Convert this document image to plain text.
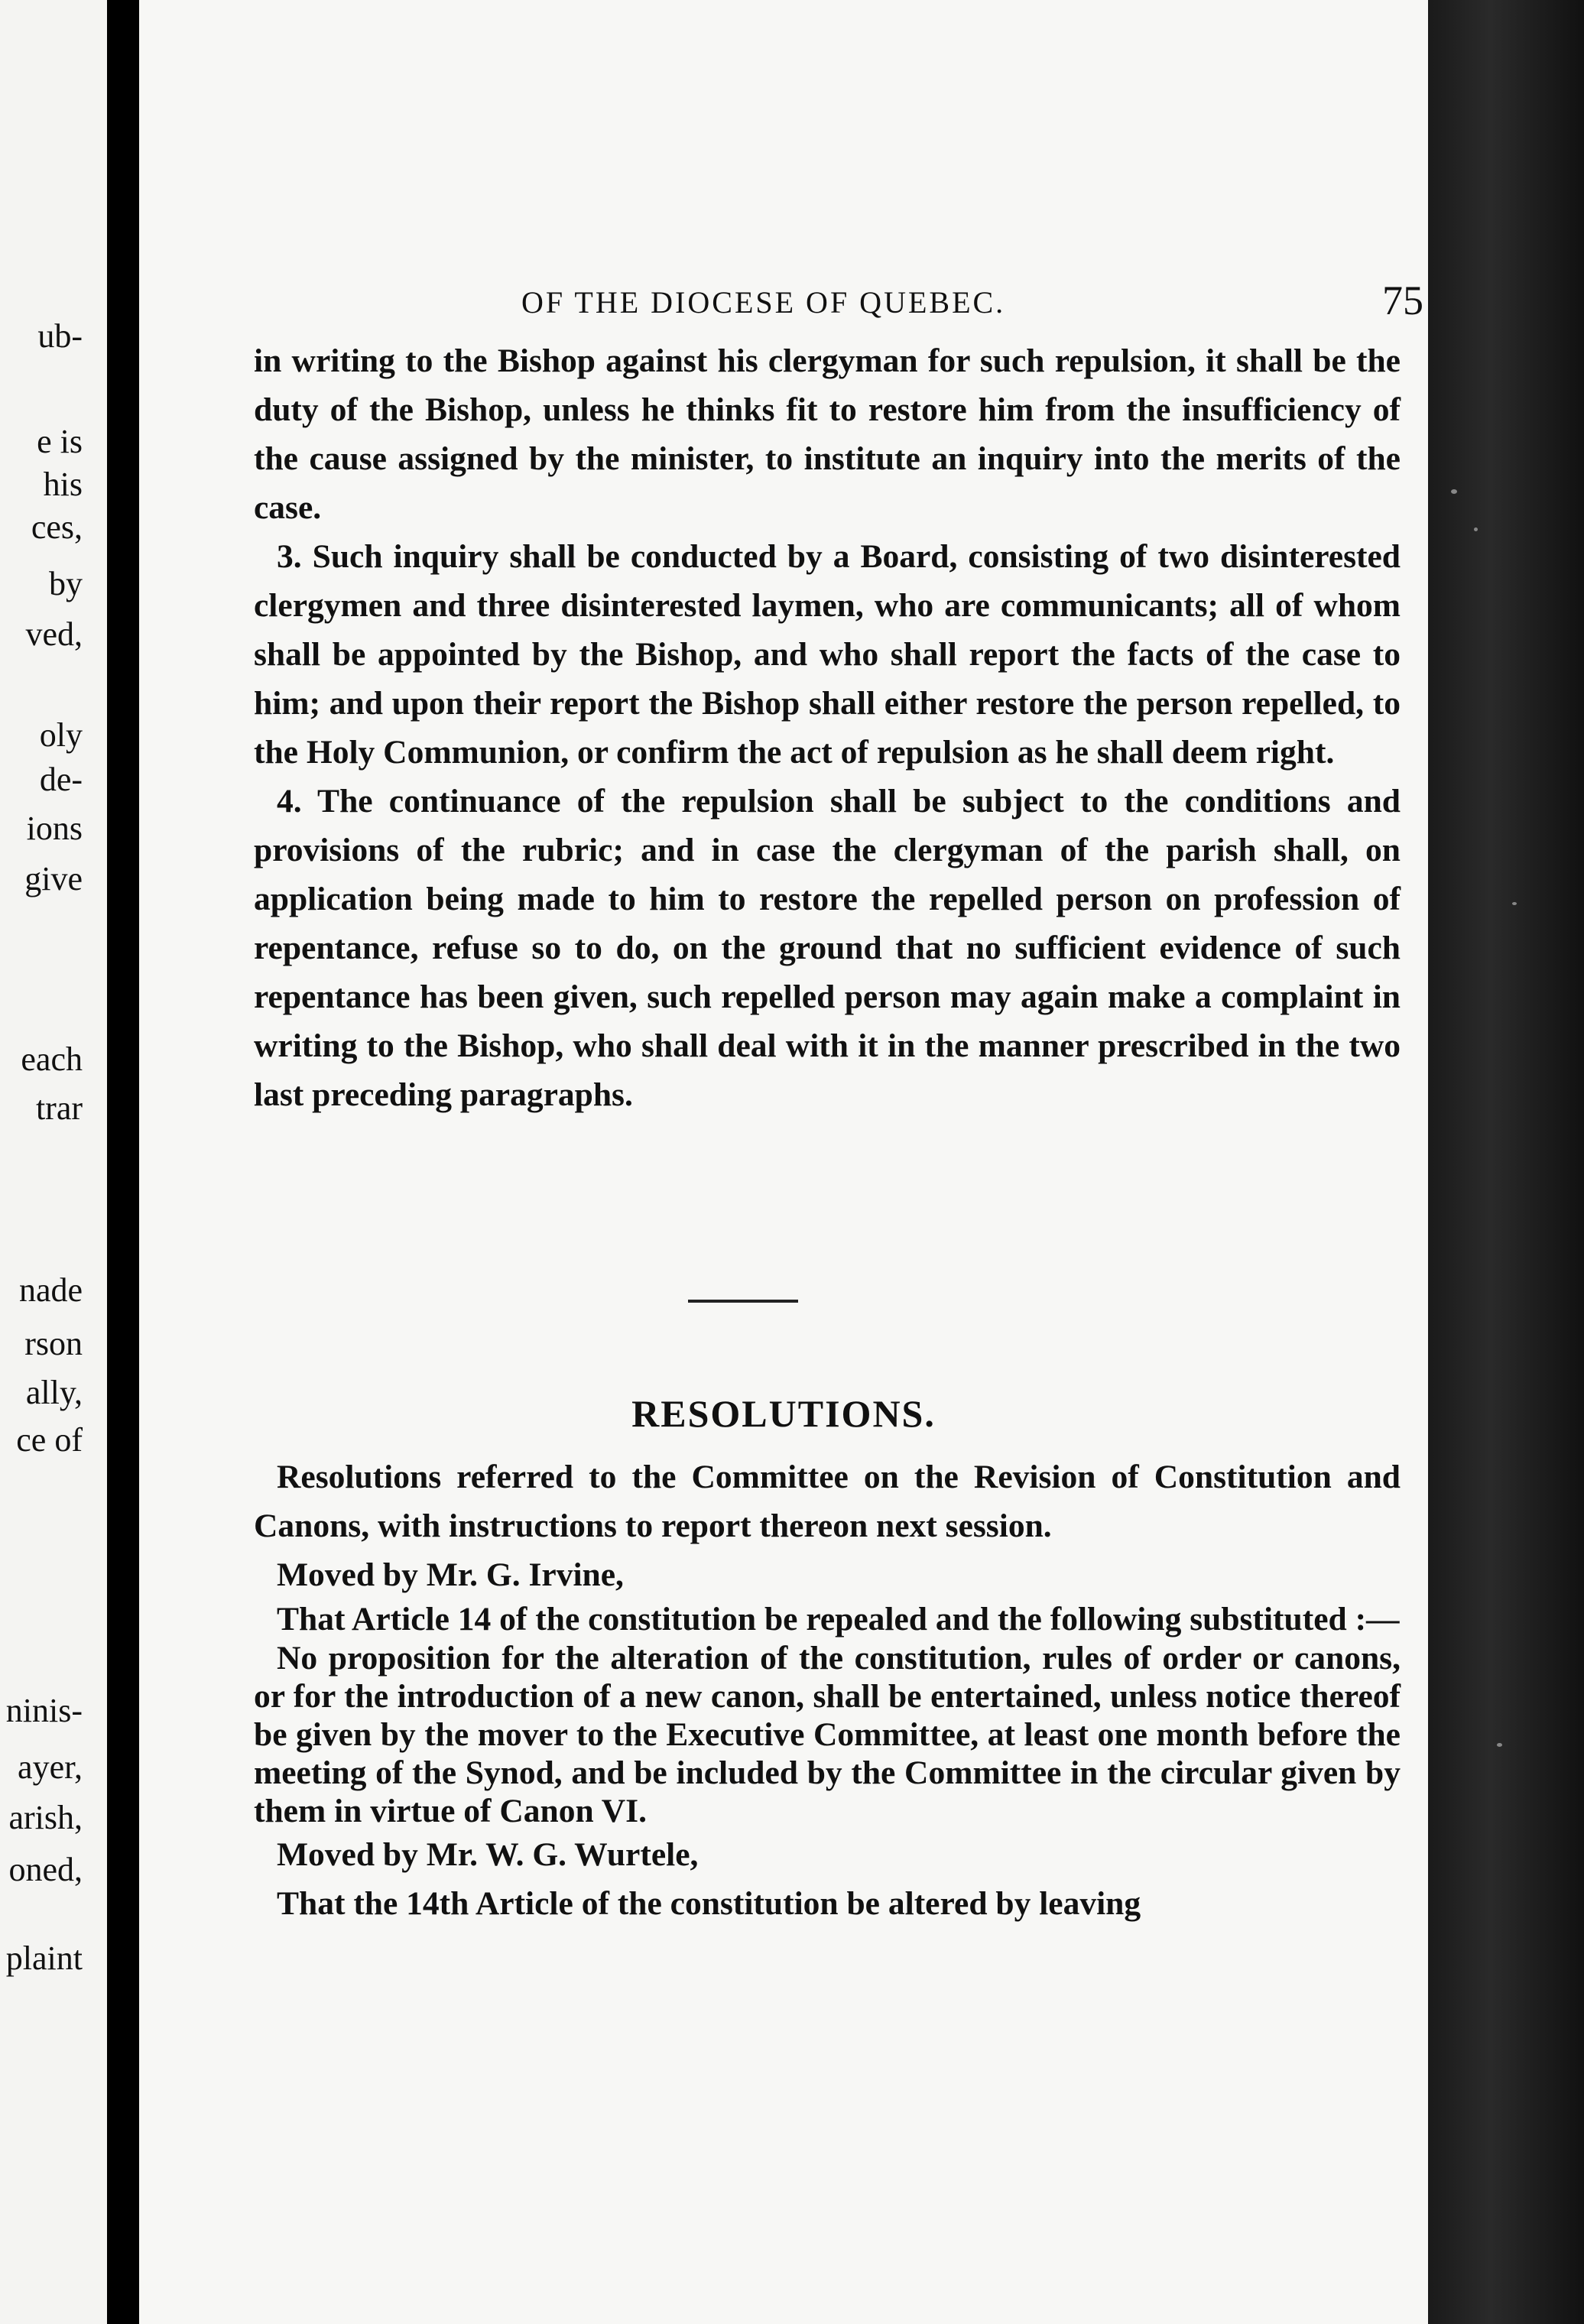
ub-
e is
his
ces,
by
ved,
oly
de-
ions
give
each
trar
nade
rson
ally,
ce of
ninis-
ayer,
arish,
oned,
plaint
OF THE DIOCESE OF QUEBEC.	75

in writing to the Bishop against his clergyman for such repulsion, it shall be the duty of the Bishop, unless he thinks fit to restore him from the insufficiency of the cause assigned by the minister, to institute an inquiry into the merits of the case.

3. Such inquiry shall be conducted by a Board, consisting of two disinterested clergymen and three disinterested laymen, who are communicants; all of whom shall be appointed by the Bishop, and who shall report the facts of the case to him; and upon their report the Bishop shall either restore the person repelled, to the Holy Communion, or confirm the act of repulsion as he shall deem right.

4. The continuance of the repulsion shall be subject to the conditions and provisions of the rubric; and in case the clergyman of the parish shall, on application being made to him to restore the repelled person on profession of repentance, refuse so to do, on the ground that no sufficient evidence of such repentance has been given, such repelled person may again make a complaint in writing to the Bishop, who shall deal with it in the manner prescribed in the two last preceding paragraphs.

RESOLUTIONS.

Resolutions referred to the Committee on the Revision of Constitution and Canons, with instructions to report thereon next session.

Moved by Mr. G. Irvine,

That Article 14 of the constitution be repealed and the following substituted :—

No proposition for the alteration of the constitution, rules of order or canons, or for the introduction of a new canon, shall be entertained, unless notice thereof be given by the mover to the Executive Committee, at least one month before the meeting of the Synod, and be included by the Committee in the circular given by them in virtue of Canon VI.

Moved by Mr. W. G. Wurtele,

That the 14th Article of the constitution be altered by leaving
